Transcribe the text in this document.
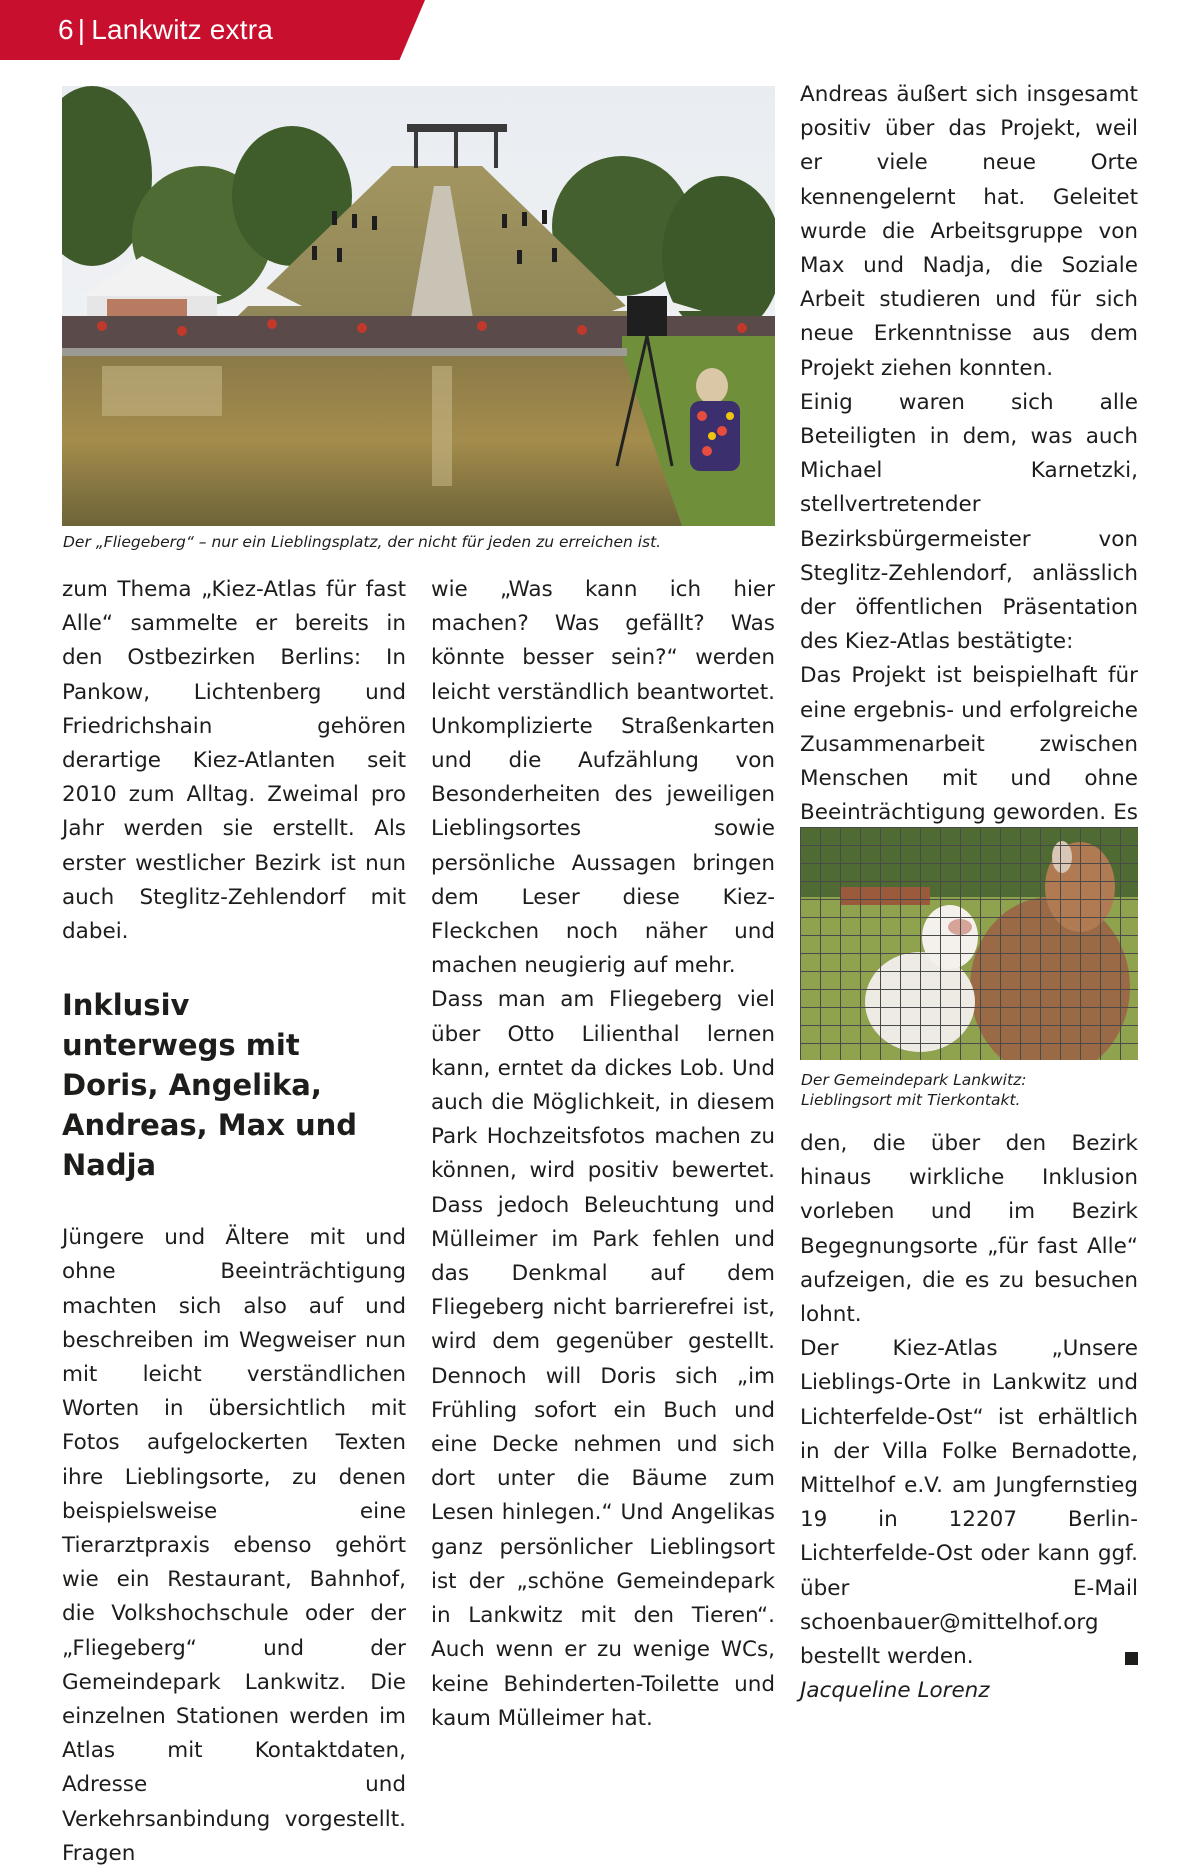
6 | Lankwitz extra
Der „Fliegeberg“ – nur ein Lieblingsplatz, der nicht für jeden zu erreichen ist.

zum Thema „Kiez-Atlas für fast Alle“ sammelte er bereits in den Ostbezirken Berlins: In Pankow, Lichtenberg und Friedrichshain gehören derartige Kiez-Atlanten seit 2010 zum Alltag. Zweimal pro Jahr werden sie erstellt. Als erster westlicher Bezirk ist nun auch Steglitz-Zehlendorf mit dabei.

Inklusiv unterwegs mit Doris, Angelika, Andreas, Max und Nadja

Jüngere und Ältere mit und ohne Beeinträchtigung machten sich also auf und beschreiben im Wegweiser nun mit leicht verständlichen Worten in übersichtlich mit Fotos aufgelockerten Texten ihre Lieblingsorte, zu denen beispielsweise eine Tierarztpraxis ebenso gehört wie ein Restaurant, Bahnhof, die Volkshochschule oder der „Fliegeberg“ und der Gemeindepark Lankwitz. Die einzelnen Stationen werden im Atlas mit Kontaktdaten, Adresse und Verkehrsanbindung vorgestellt. Fragen

wie „Was kann ich hier machen? Was gefällt? Was könnte besser sein?“ werden leicht verständlich beantwortet. Unkomplizierte Straßenkarten und die Aufzählung von Besonderheiten des jeweiligen Lieblingsortes sowie persönliche Aussagen bringen dem Leser diese Kiez-Fleckchen noch näher und machen neugierig auf mehr.

Dass man am Fliegeberg viel über Otto Lilienthal lernen kann, erntet da dickes Lob. Und auch die Möglichkeit, in diesem Park Hochzeitsfotos machen zu können, wird positiv bewertet. Dass jedoch Beleuchtung und Mülleimer im Park fehlen und das Denkmal auf dem Fliegeberg nicht barrierefrei ist, wird dem gegenüber gestellt. Dennoch will Doris sich „im Frühling sofort ein Buch und eine Decke nehmen und sich dort unter die Bäume zum Lesen hinlegen.“ Und Angelikas ganz persönlicher Lieblingsort ist der „schöne Gemeindepark in Lankwitz mit den Tieren“. Auch wenn er zu wenige WCs, keine Behinderten-Toilette und kaum Mülleimer hat.

Andreas äußert sich insgesamt positiv über das Projekt, weil er viele neue Orte kennengelernt hat. Geleitet wurde die Arbeitsgruppe von Max und Nadja, die Soziale Arbeit studieren und für sich neue Erkenntnisse aus dem Projekt ziehen konnten.

Einig waren sich alle Beteiligten in dem, was auch Michael Karnetzki, stellvertretender Bezirksbürgermeister von Steglitz-Zehlendorf, anlässlich der öffentlichen Präsentation des Kiez-Atlas bestätigte:

Das Projekt ist beispielhaft für eine ergebnis- und erfolgreiche Zusammenarbeit zwischen Menschen mit und ohne Beeinträchtigung geworden. Es

Der Gemeindepark Lankwitz: Lieblingsort mit Tierkontakt.

den, die über den Bezirk hinaus wirkliche Inklusion vorleben und im Bezirk Begegnungsorte „für fast Alle“ aufzeigen, die es zu besuchen lohnt.

Der Kiez-Atlas „Unsere Lieblings-Orte in Lankwitz und Lichterfelde-Ost“ ist erhältlich in der Villa Folke Bernadotte, Mittelhof e.V. am Jungfernstieg 19 in 12207 Berlin-Lichterfelde-Ost oder kann ggf. über E-Mail schoenbauer@mittelhof.org bestellt werden.

Jacqueline Lorenz
